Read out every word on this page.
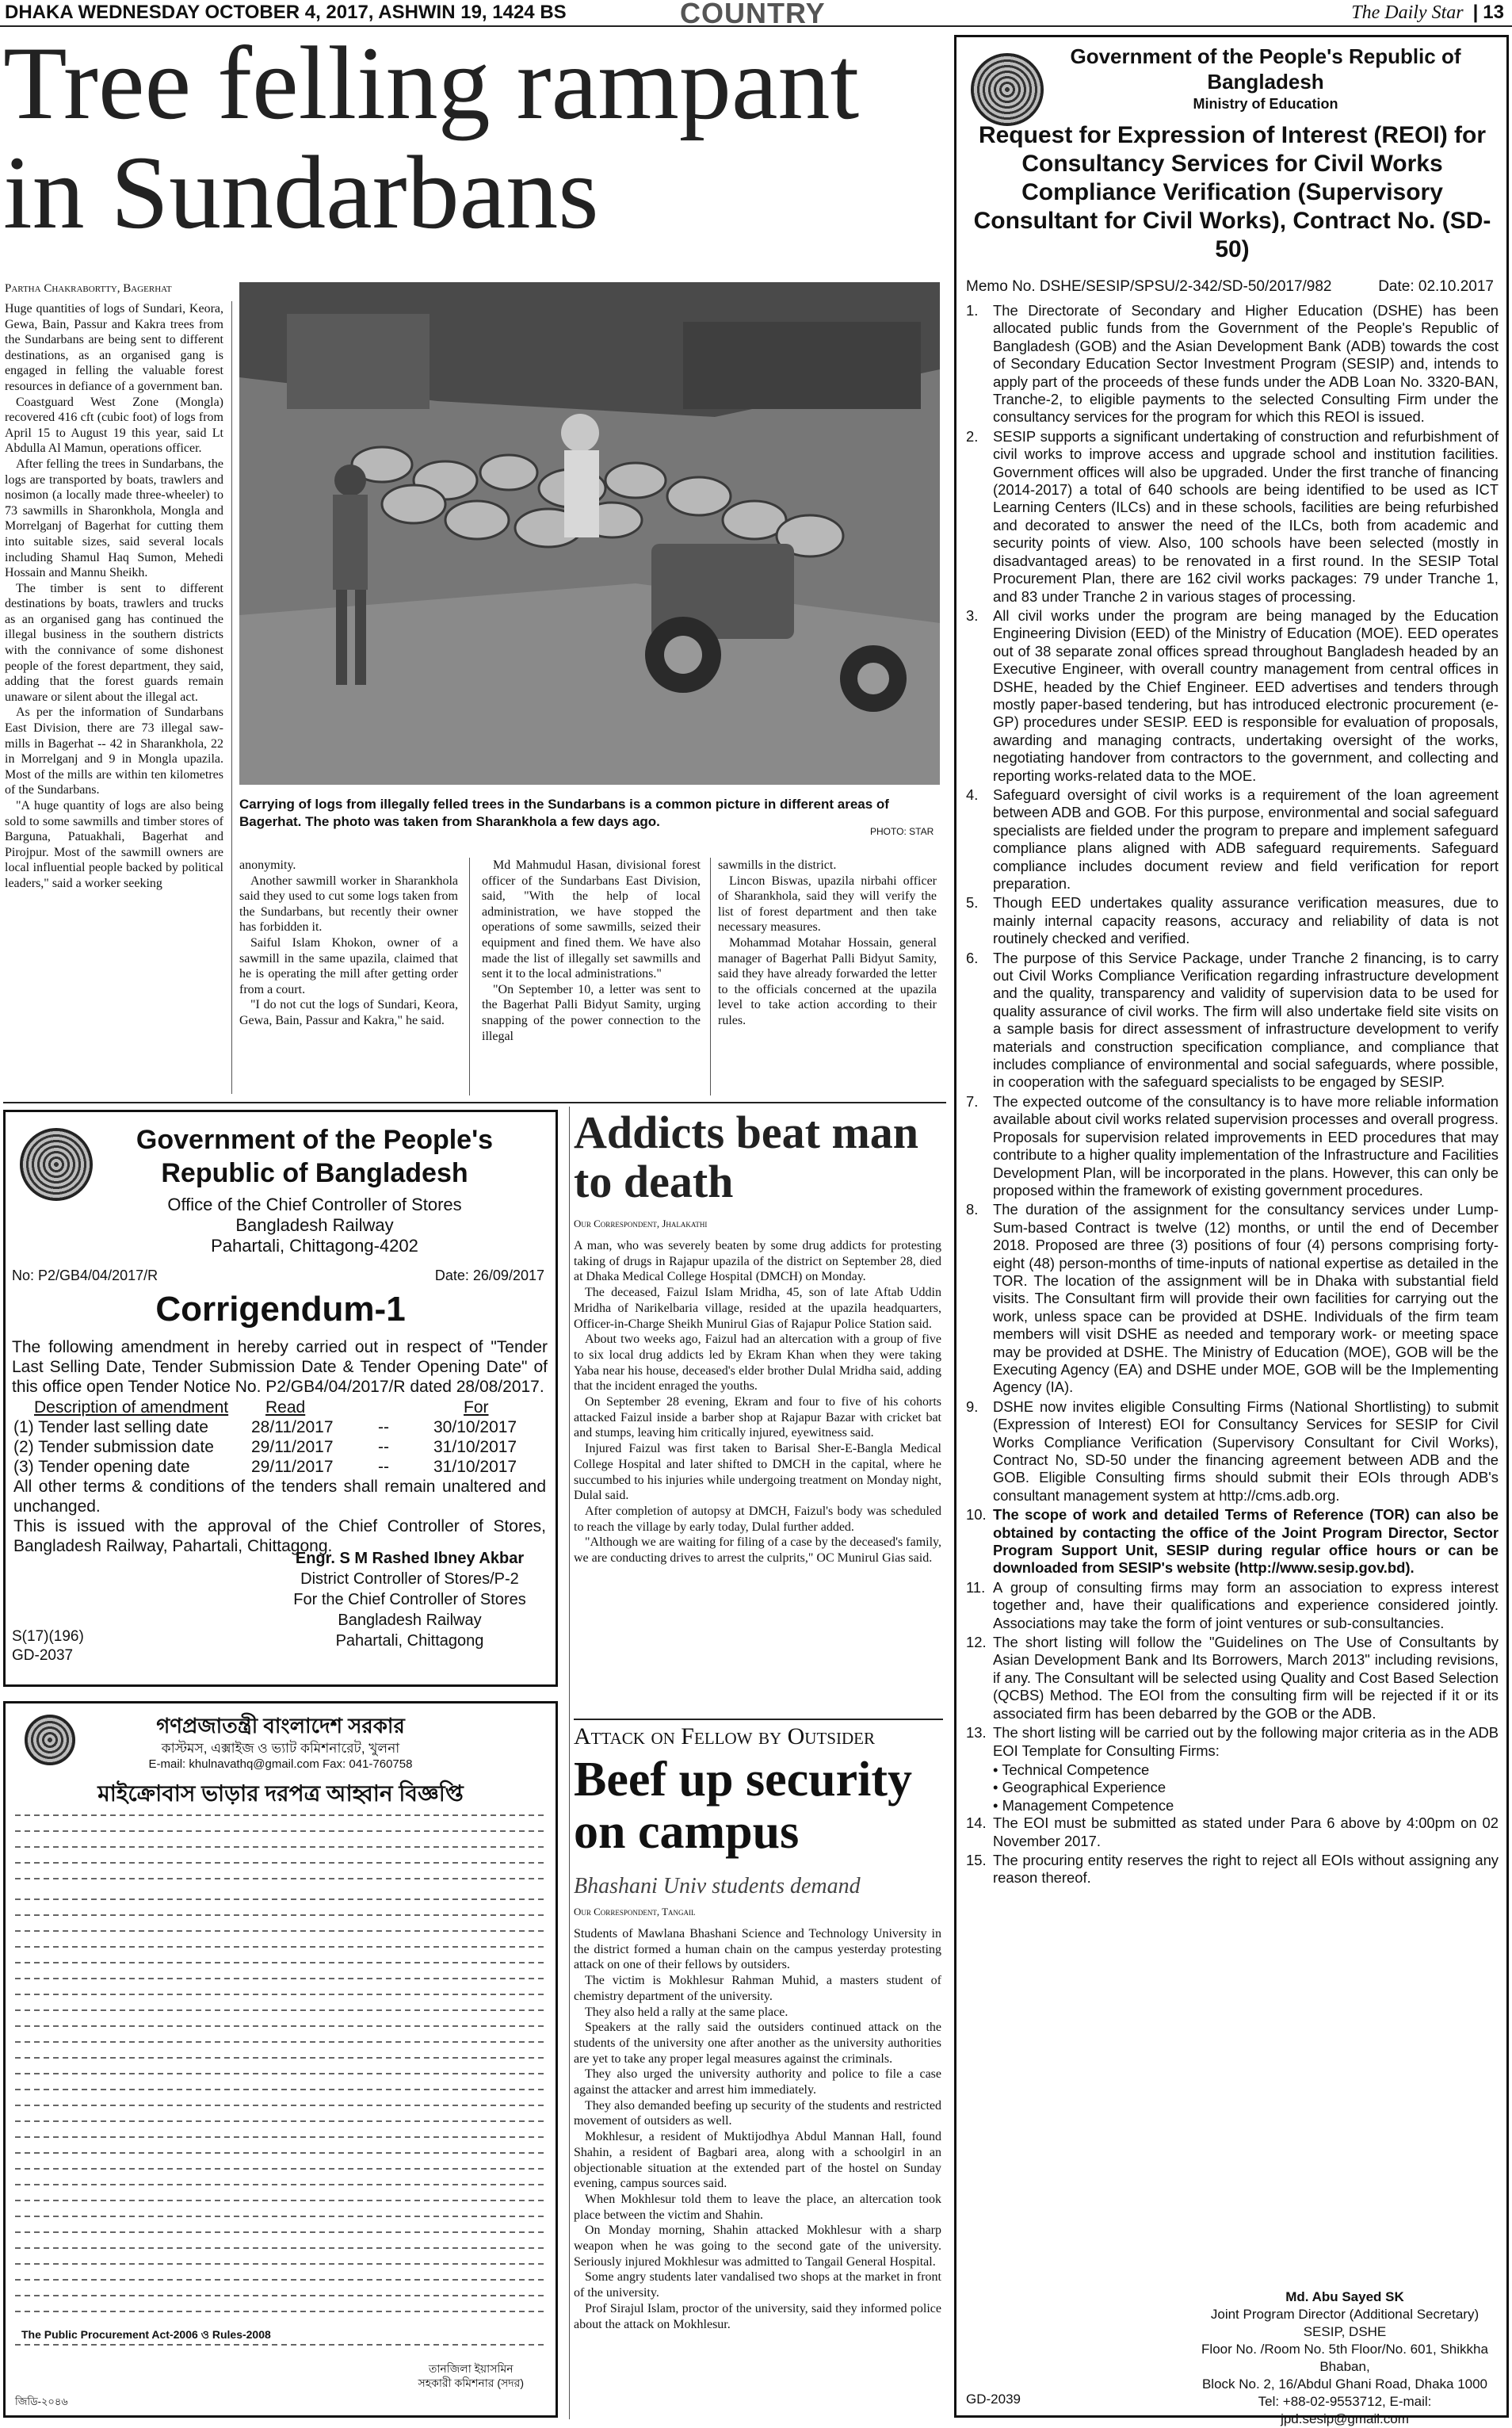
DHAKA WEDNESDAY OCTOBER 4, 2017, ASHWIN 19, 1424 BS	COUNTRY	The Daily Star | 13
Tree felling rampant in Sundarbans
Partha Chakrabortty, Bagerhat

Huge quantities of logs of Sundari, Keora, Gewa, Bain, Passur and Kakra trees from the Sundarbans are being sent to different destinations, as an organised gang is engaged in felling the valuable forest resources in defiance of a government ban.

Coastguard West Zone (Mongla) recovered 416 cft (cubic foot) of logs from April 15 to August 19 this year, said Lt Abdulla Al Mamun, operations officer.

After felling the trees in Sundarbans, the logs are transported by boats, trawlers and nosimon (a locally made three-wheeler) to 73 sawmills in Sharonkhola, Mongla and Morrelganj of Bagerhat for cutting them into suitable sizes, said several locals including Shamul Haq Sumon, Mehedi Hossain and Mannu Sheikh.

The timber is sent to different destinations by boats, trawlers and trucks as an organised gang has continued the illegal business in the southern districts with the connivance of some dishonest people of the forest department, they said, adding that the forest guards remain unaware or silent about the illegal act.

As per the information of Sundarbans East Division, there are 73 illegal saw-mills in Bagerhat -- 42 in Sharankhola, 22 in Morrelganj and 9 in Mongla upazila. Most of the mills are within ten kilometres of the Sundarbans.

"A huge quantity of logs are also being sold to some sawmills and timber stores of Barguna, Patuakhali, Bagerhat and Pirojpur. Most of the sawmill owners are local influential people backed by political leaders," said a worker seeking

Carrying of logs from illegally felled trees in the Sundarbans is a common picture in different areas of Bagerhat. The photo was taken from Sharankhola a few days ago.
PHOTO: STAR

anonymity.

Another sawmill worker in Sharankhola said they used to cut some logs taken from the Sundarbans, but recently their owner has forbidden it.

Saiful Islam Khokon, owner of a sawmill in the same upazila, claimed that he is operating the mill after getting order from a court.

"I do not cut the logs of Sundari, Keora, Gewa, Bain, Passur and Kakra," he said.

Md Mahmudul Hasan, divisional forest officer of the Sundarbans East Division, said, "With the help of local administration, we have stopped the operations of some sawmills, seized their equipment and fined them. We have also made the list of illegally set sawmills and sent it to the local administrations."

"On September 10, a letter was sent to the Bagerhat Palli Bidyut Samity, urging snapping of the power connection to the illegal

sawmills in the district.

Lincon Biswas, upazila nirbahi officer of Sharankhola, said they will verify the list of forest department and then take necessary measures.

Mohammad Motahar Hossain, general manager of Bagerhat Palli Bidyut Samity, said they have already forwarded the letter to the officials concerned at the upazila level to take action according to their rules.

Government of the People's Republic of Bangladesh
Office of the Chief Controller of Stores
Bangladesh Railway
Pahartali, Chittagong-4202
No: P2/GB4/04/2017/R	Date: 26/09/2017
Corrigendum-1
The following amendment in hereby carried out in respect of "Tender Last Selling Date, Tender Submission Date & Tender Opening Date" of this office open Tender Notice No. P2/GB4/04/2017/R dated 28/08/2017.
Description of amendment	Read		For
(1) Tender last selling date	28/11/2017	--	30/10/2017
(2) Tender submission date	29/11/2017	--	31/10/2017
(3) Tender opening date	29/11/2017	--	31/10/2017
All other terms & conditions of the tenders shall remain unaltered and unchanged.			
This is issued with the approval of the Chief Controller of Stores, Bangladesh Railway, Pahartali, Chittagong.			
Engr. S M Rashed Ibney Akbar
District Controller of Stores/P-2
For the Chief Controller of Stores
Bangladesh Railway
Pahartali, Chittagong
S(17)(196)
GD-2037
গণপ্রজাতন্ত্রী বাংলাদেশ সরকার
কাস্টমস, এক্সাইজ ও ভ্যাট কমিশনারেট, খুলনা
E-mail: khulnavathq@gmail.com Fax: 041-760758
মাইক্রোবাস ভাড়ার দরপত্র আহ্বান বিজ্ঞপ্তি
The Public Procurement Act-2006 ও Rules-2008
তানজিলা ইয়াসমিন
সহকারী কমিশনার (সদর)
জিডি-২০৪৬
Addicts beat man to death
Our Correspondent, Jhalakathi

A man, who was severely beaten by some drug addicts for protesting taking of drugs in Rajapur upazila of the district on September 28, died at Dhaka Medical College Hospital (DMCH) on Monday.

The deceased, Faizul Islam Mridha, 45, son of late Aftab Uddin Mridha of Narikelbaria village, resided at the upazila headquarters, Officer-in-Charge Sheikh Munirul Gias of Rajapur Police Station said.

About two weeks ago, Faizul had an altercation with a group of five to six local drug addicts led by Ekram Khan when they were taking Yaba near his house, deceased's elder brother Dulal Mridha said, adding that the incident enraged the youths.

On September 28 evening, Ekram and four to five of his cohorts attacked Faizul inside a barber shop at Rajapur Bazar with cricket bat and stumps, leaving him critically injured, eyewitness said.

Injured Faizul was first taken to Barisal Sher-E-Bangla Medical College Hospital and later shifted to DMCH in the capital, where he succumbed to his injuries while undergoing treatment on Monday night, Dulal said.

After completion of autopsy at DMCH, Faizul's body was scheduled to reach the village by early today, Dulal further added.

"Although we are waiting for filing of a case by the deceased's family, we are conducting drives to arrest the culprits," OC Munirul Gias said.

Attack on Fellow by Outsider
Beef up security on campus
Bhashani Univ students demand
Our Correspondent, Tangail

Students of Mawlana Bhashani Science and Technology University in the district formed a human chain on the campus yesterday protesting attack on one of their fellows by outsiders.

The victim is Mokhlesur Rahman Muhid, a masters student of chemistry department of the university.

They also held a rally at the same place.

Speakers at the rally said the outsiders continued attack on the students of the university one after another as the university authorities are yet to take any proper legal measures against the criminals.

They also urged the university authority and police to file a case against the attacker and arrest him immediately.

They also demanded beefing up security of the students and restricted movement of outsiders as well.

Mokhlesur, a resident of Muktijodhya Abdul Mannan Hall, found Shahin, a resident of Bagbari area, along with a schoolgirl in an objectionable situation at the extended part of the hostel on Sunday evening, campus sources said.

When Mokhlesur told them to leave the place, an altercation took place between the victim and Shahin.

On Monday morning, Shahin attacked Mokhlesur with a sharp weapon when he was going to the second gate of the university. Seriously injured Mokhlesur was admitted to Tangail General Hospital.

Some angry students later vandalised two shops at the market in front of the university.

Prof Sirajul Islam, proctor of the university, said they informed police about the attack on Mokhlesur.

Government of the People's Republic of Bangladesh
Ministry of Education
Request for Expression of Interest (REOI) for Consultancy Services for Civil Works Compliance Verification (Supervisory Consultant for Civil Works), Contract No. (SD-50)
Memo No. DSHE/SESIP/SPSU/2-342/SD-50/2017/982	Date: 02.10.2017
1.	The Directorate of Secondary and Higher Education (DSHE) has been allocated public funds from the Government of the People's Republic of Bangladesh (GOB) and the Asian Development Bank (ADB) towards the cost of Secondary Education Sector Investment Program (SESIP) and, intends to apply part of the proceeds of these funds under the ADB Loan No. 3320-BAN, Tranche-2, to eligible payments to the selected Consulting Firm under the consultancy services for the program for which this REOI is issued.
2.	SESIP supports a significant undertaking of construction and refurbishment of civil works to improve access and upgrade school and institution facilities. Government offices will also be upgraded. Under the first tranche of financing (2014-2017) a total of 640 schools are being identified to be used as ICT Learning Centers (ILCs) and in these schools, facilities are being refurbished and decorated to answer the need of the ILCs, both from academic and security points of view. Also, 100 schools have been selected (mostly in disadvantaged areas) to be renovated in a first round. In the SESIP Total Procurement Plan, there are 162 civil works packages: 79 under Tranche 1, and 83 under Tranche 2 in various stages of processing.
3.	All civil works under the program are being managed by the Education Engineering Division (EED) of the Ministry of Education (MOE). EED operates out of 38 separate zonal offices spread throughout Bangladesh headed by an Executive Engineer, with overall country management from central offices in DSHE, headed by the Chief Engineer. EED advertises and tenders through mostly paper-based tendering, but has introduced electronic procurement (e-GP) procedures under SESIP. EED is responsible for evaluation of proposals, awarding and managing contracts, undertaking oversight of the works, negotiating handover from contractors to the government, and collecting and reporting works-related data to the MOE.
4.	Safeguard oversight of civil works is a requirement of the loan agreement between ADB and GOB. For this purpose, environmental and social safeguard specialists are fielded under the program to prepare and implement safeguard compliance plans aligned with ADB safeguard requirements. Safeguard compliance includes document review and field verification for report preparation.
5.	Though EED undertakes quality assurance verification measures, due to mainly internal capacity reasons, accuracy and reliability of data is not routinely checked and verified.
6.	The purpose of this Service Package, under Tranche 2 financing, is to carry out Civil Works Compliance Verification regarding infrastructure development and the quality, transparency and validity of supervision data to be used for quality assurance of civil works. The firm will also undertake field site visits on a sample basis for direct assessment of infrastructure development to verify materials and construction specification compliance, and compliance that includes compliance of environmental and social safeguards, where possible, in cooperation with the safeguard specialists to be engaged by SESIP.
7.	The expected outcome of the consultancy is to have more reliable information available about civil works related supervision processes and overall progress. Proposals for supervision related improvements in EED procedures that may contribute to a higher quality implementation of the Infrastructure and Facilities Development Plan, will be incorporated in the plans. However, this can only be proposed within the framework of existing government procedures.
8.	The duration of the assignment for the consultancy services under Lump-Sum-based Contract is twelve (12) months, or until the end of December 2018. Proposed are three (3) positions of four (4) persons comprising forty-eight (48) person-months of time-inputs of national expertise as detailed in the TOR. The location of the assignment will be in Dhaka with substantial field visits. The Consultant firm will provide their own facilities for carrying out the work, unless space can be provided at DSHE. Individuals of the firm team members will visit DSHE as needed and temporary work- or meeting space may be provided at DSHE. The Ministry of Education (MOE), GOB will be the Executing Agency (EA) and DSHE under MOE, GOB will be the Implementing Agency (IA).
9.	DSHE now invites eligible Consulting Firms (National Shortlisting) to submit (Expression of Interest) EOI for Consultancy Services for SESIP for Civil Works Compliance Verification (Supervisory Consultant for Civil Works), Contract No, SD-50 under the financing agreement between ADB and the GOB. Eligible Consulting firms should submit their EOIs through ADB's consultant management system at http://cms.adb.org.
10. The scope of work and detailed Terms of Reference (TOR) can also be obtained by contacting the office of the Joint Program Director, Sector Program Support Unit, SESIP during regular office hours or can be downloaded from SESIP's website (http://www.sesip.gov.bd).
11. A group of consulting firms may form an association to express interest together and, have their qualifications and experience considered jointly. Associations may take the form of joint ventures or sub-consultancies.
12. The short listing will follow the "Guidelines on The Use of Consultants by Asian Development Bank and Its Borrowers, March 2013" including revisions, if any. The Consultant will be selected using Quality and Cost Based Selection (QCBS) Method. The EOI from the consulting firm will be rejected if it or its associated firm has been debarred by the GOB or the ADB.
13. The short listing will be carried out by the following major criteria as in the ADB EOI Template for Consulting Firms:
• Technical Competence
• Geographical Experience
• Management Competence
14. The EOI must be submitted as stated under Para 6 above by 4:00pm on 02 November 2017.
15. The procuring entity reserves the right to reject all EOIs without assigning any reason thereof.
Md. Abu Sayed SK
Joint Program Director (Additional Secretary)
SESIP, DSHE
Floor No. /Room No. 5th Floor/No. 601, Shikkha Bhaban,
Block No. 2, 16/Abdul Ghani Road, Dhaka 1000
Tel: +88-02-9553712, E-mail: jpd.sesip@gmail.com
GD-2039
